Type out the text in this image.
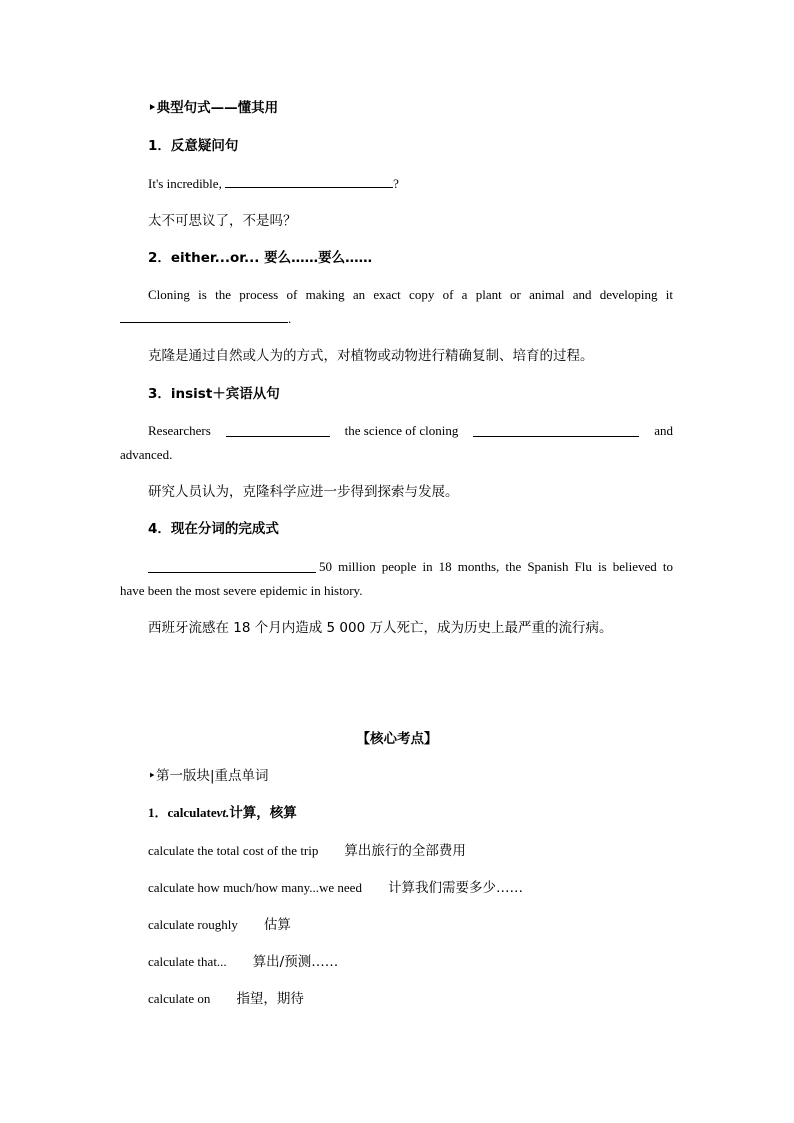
‣典型句式——懂其用
1．反意疑问句
It's incredible,	?
太不可思议了，不是吗？
2．either...or... 要么……要么……
Cloning is the process of making an exact copy of a plant or animal and developing it
.
克隆是通过自然或人为的方式，对植物或动物进行精确复制、培育的过程。
3．insist＋宾语从句
Researchers	the science of cloning	and
advanced.
研究人员认为，克隆科学应进一步得到探索与发展。
4．现在分词的完成式
50 million people in 18 months, the Spanish Flu is believed to
have been the most severe epidemic in history.
西班牙流感在 18 个月内造成 5 000 万人死亡，成为历史上最严重的流行病。
【核心考点】
‣第一版块|重点单词
1．calculatevt.计算，核算
calculate the total cost of the trip 算出旅行的全部费用
calculate how much/how many...we need 计算我们需要多少……
calculate roughly 估算
calculate that... 算出/预测……
calculate on 指望，期待
